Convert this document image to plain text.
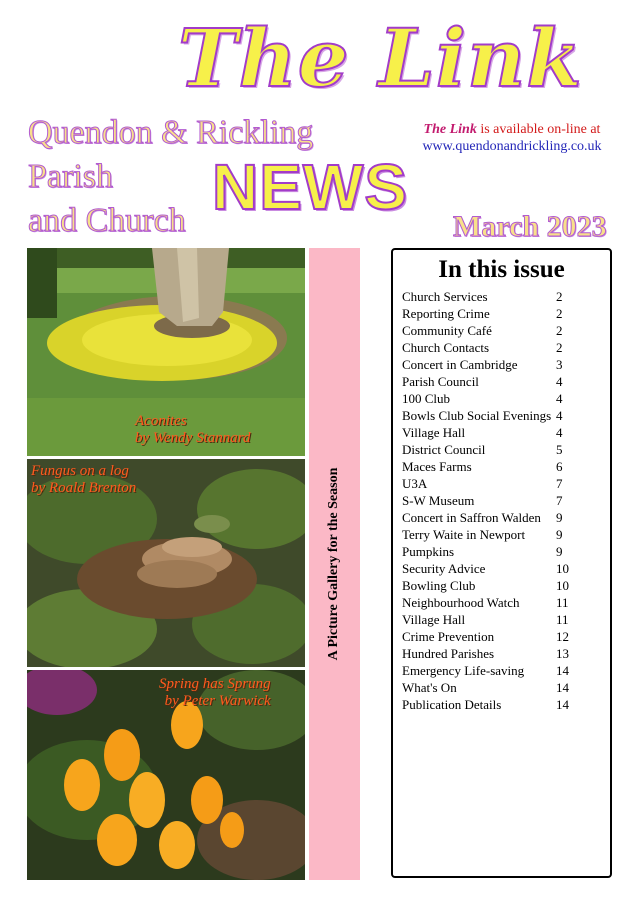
The Link
Quendon & Rickling
Parish
and Church NEWS
March 2023
The Link is available on-line at
www.quendonandrickling.co.uk
Aconites
by Wendy Stannard
Fungus on a log
by Roald Brenton
Spring has Sprung
by Peter Warwick
A Picture Gallery for the Season
In this issue
Church Services	2
Reporting Crime	2
Community Café	2
Church Contacts	2
Concert in Cambridge	3
Parish Council	4
100 Club	4
Bowls Club Social Evenings 4
Village Hall	4
District Council	5
Maces Farms	6
U3A	7
S-W Museum	7
Concert in Saffron Walden	9
Terry Waite in Newport	9
Pumpkins	9
Security Advice	10
Bowling Club	10
Neighbourhood Watch	11
Village Hall	11
Crime Prevention	12
Hundred Parishes	13
Emergency Life-saving	14
What's On	14
Publication Details	14
